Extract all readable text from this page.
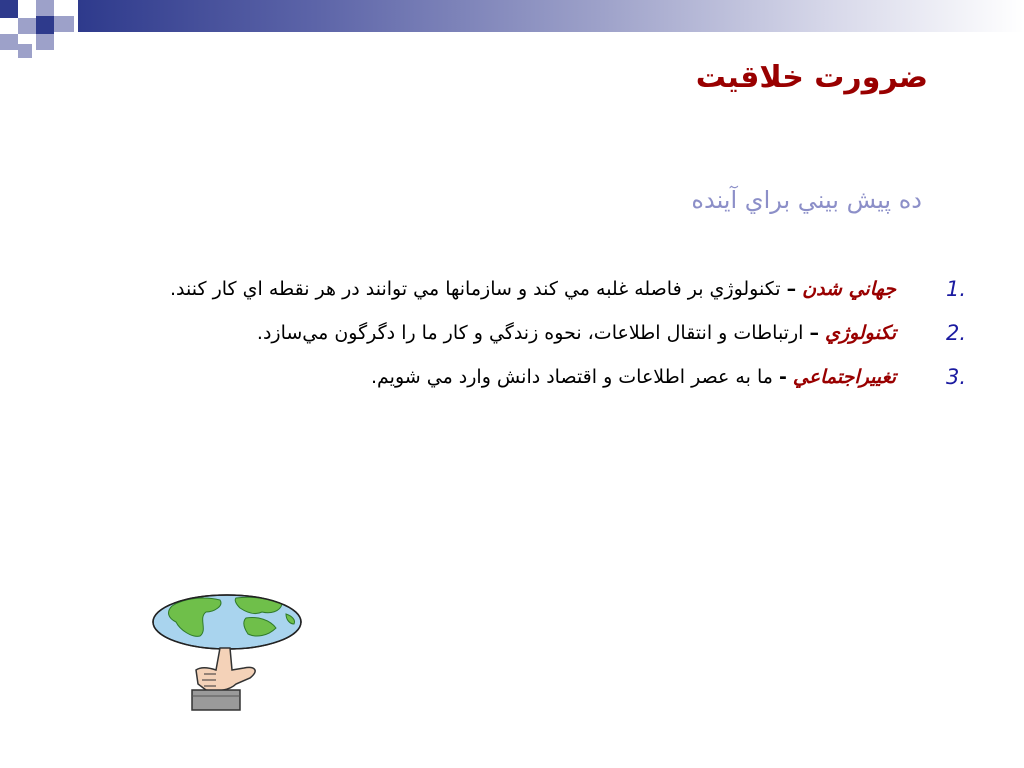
ضرورت خلاقيت
ده پيش بيني براي آينده
1.
جهاني شدن – تكنولوژي بر فاصله غلبه مي كند و سازمانها مي توانند در هر نقطه اي كار كنند.
2.
تكنولوژي – ارتباطات و انتقال اطلاعات، نحوه زندگي و كار ما را دگرگون مي‌سازد.
3.
تغييراجتماعي - ما به عصر اطلاعات و اقتصاد دانش وارد مي شويم.
